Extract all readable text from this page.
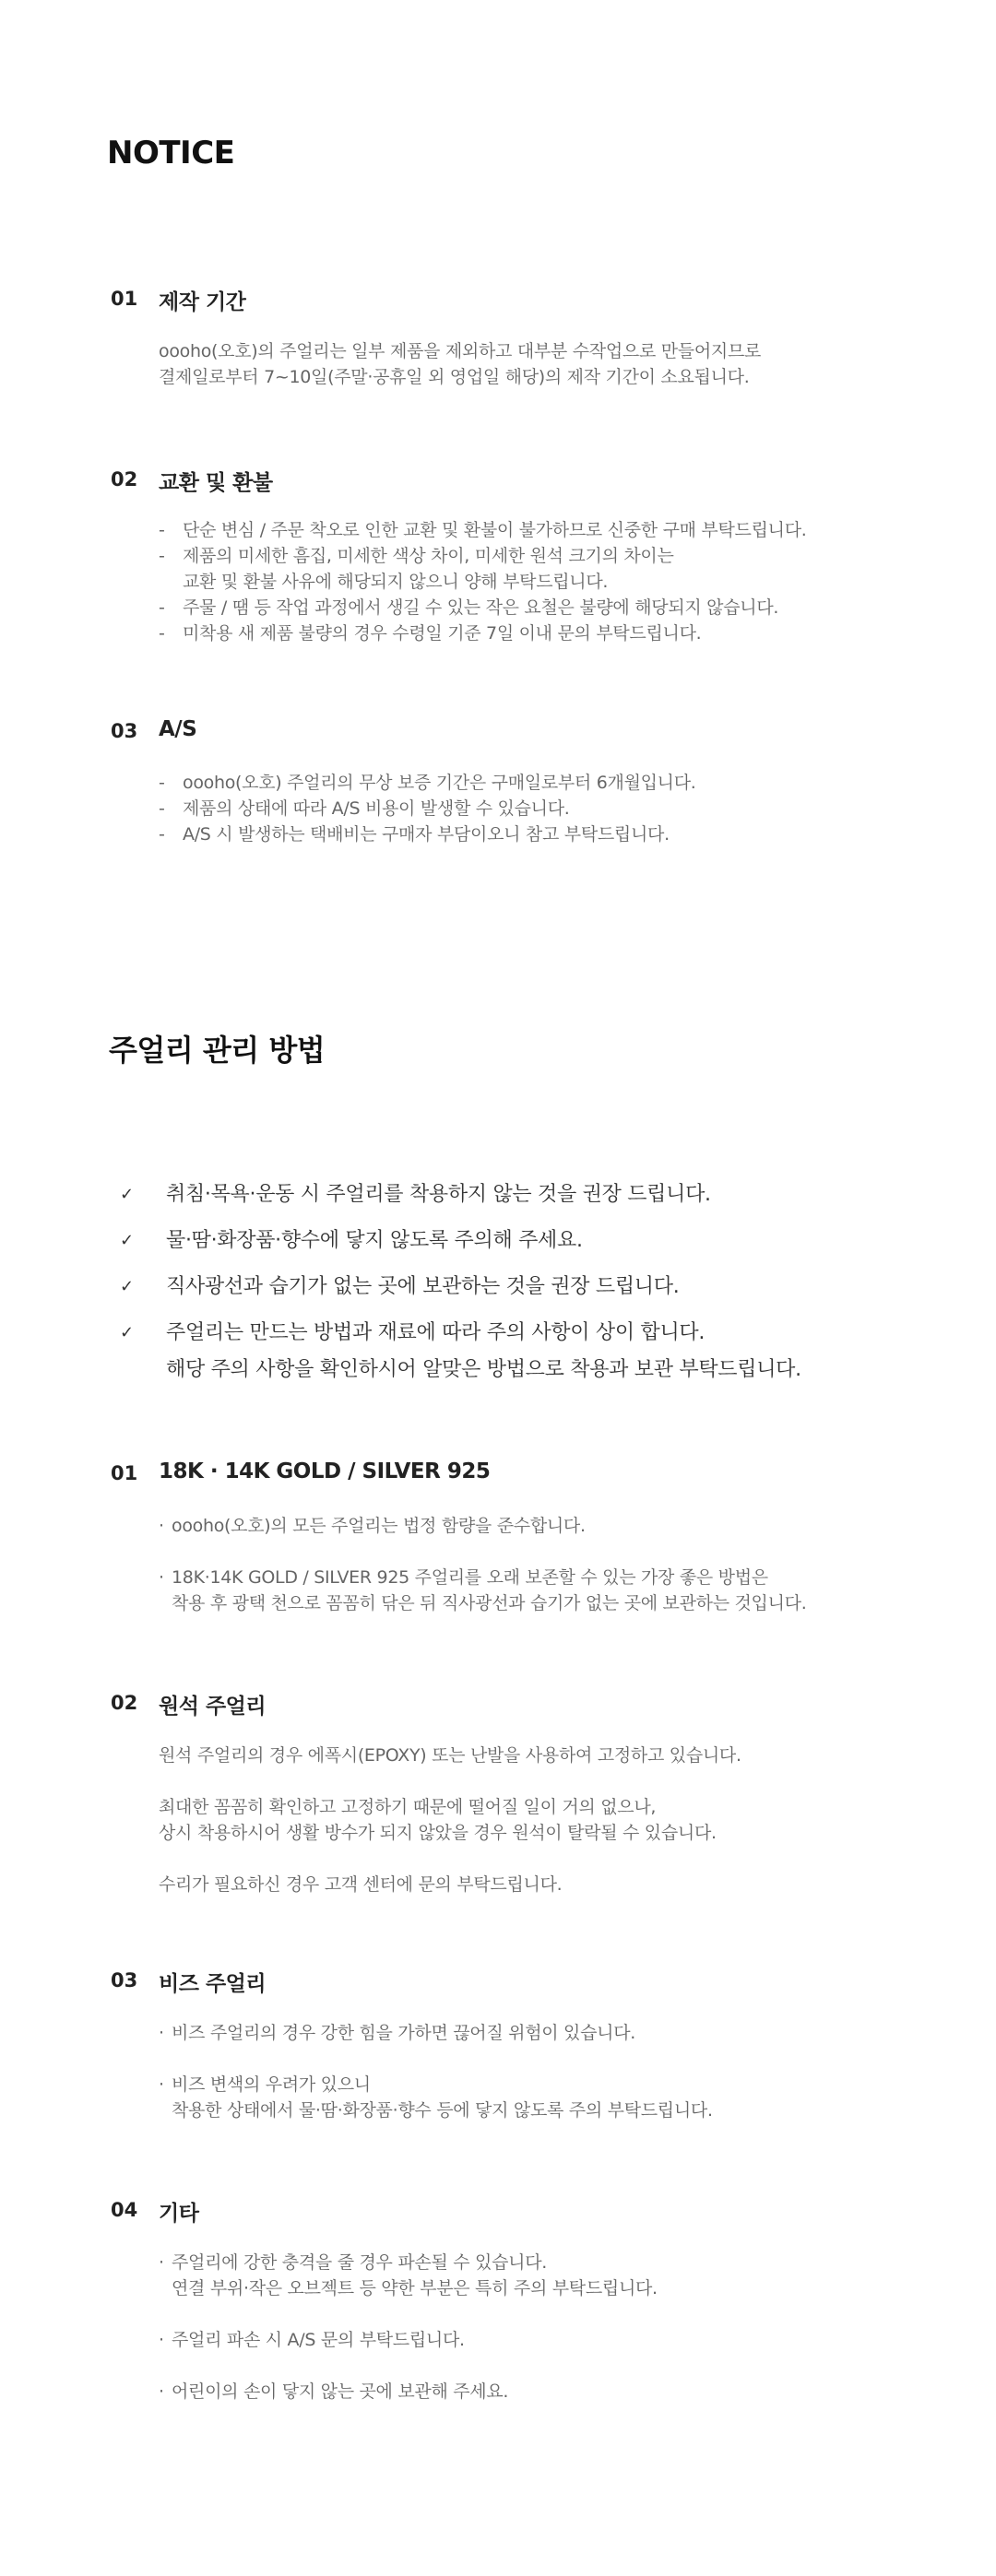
NOTICE
01 제작 기간
oooho(오호)의 주얼리는 일부 제품을 제외하고 대부분 수작업으로 만들어지므로
결제일로부터 7~10일(주말·공휴일 외 영업일 해당)의 제작 기간이 소요됩니다.
02 교환 및 환불
-	단순 변심 / 주문 착오로 인한 교환 및 환불이 불가하므로 신중한 구매 부탁드립니다.
-	제품의 미세한 흠집, 미세한 색상 차이, 미세한 원석 크기의 차이는
교환 및 환불 사유에 해당되지 않으니 양해 부탁드립니다.
-	주물 / 땜 등 작업 과정에서 생길 수 있는 작은 요철은 불량에 해당되지 않습니다.
-	미착용 새 제품 불량의 경우 수령일 기준 7일 이내 문의 부탁드립니다.
03 A/S
-	oooho(오호) 주얼리의 무상 보증 기간은 구매일로부터 6개월입니다.
-	제품의 상태에 따라 A/S 비용이 발생할 수 있습니다.
-	A/S 시 발생하는 택배비는 구매자 부담이오니 참고 부탁드립니다.
주얼리 관리 방법
✓	취침·목욕·운동 시 주얼리를 착용하지 않는 것을 권장 드립니다.
✓	물·땀·화장품·향수에 닿지 않도록 주의해 주세요.
✓	직사광선과 습기가 없는 곳에 보관하는 것을 권장 드립니다.
✓	주얼리는 만드는 방법과 재료에 따라 주의 사항이 상이 합니다.
해당 주의 사항을 확인하시어 알맞은 방법으로 착용과 보관 부탁드립니다.
01 18K · 14K GOLD / SILVER 925
· oooho(오호)의 모든 주얼리는 법정 함량을 준수합니다.
· 18K·14K GOLD / SILVER 925 주얼리를 오래 보존할 수 있는 가장 좋은 방법은
착용 후 광택 천으로 꼼꼼히 닦은 뒤 직사광선과 습기가 없는 곳에 보관하는 것입니다.
02 원석 주얼리
원석 주얼리의 경우 에폭시(EPOXY) 또는 난발을 사용하여 고정하고 있습니다.
최대한 꼼꼼히 확인하고 고정하기 때문에 떨어질 일이 거의 없으나,
상시 착용하시어 생활 방수가 되지 않았을 경우 원석이 탈락될 수 있습니다.
수리가 필요하신 경우 고객 센터에 문의 부탁드립니다.
03 비즈 주얼리
· 비즈 주얼리의 경우 강한 힘을 가하면 끊어질 위험이 있습니다.
· 비즈 변색의 우려가 있으니
착용한 상태에서 물·땀·화장품·향수 등에 닿지 않도록 주의 부탁드립니다.
04 기타
· 주얼리에 강한 충격을 줄 경우 파손될 수 있습니다.
연결 부위·작은 오브젝트 등 약한 부분은 특히 주의 부탁드립니다.
· 주얼리 파손 시 A/S 문의 부탁드립니다.
· 어린이의 손이 닿지 않는 곳에 보관해 주세요.
